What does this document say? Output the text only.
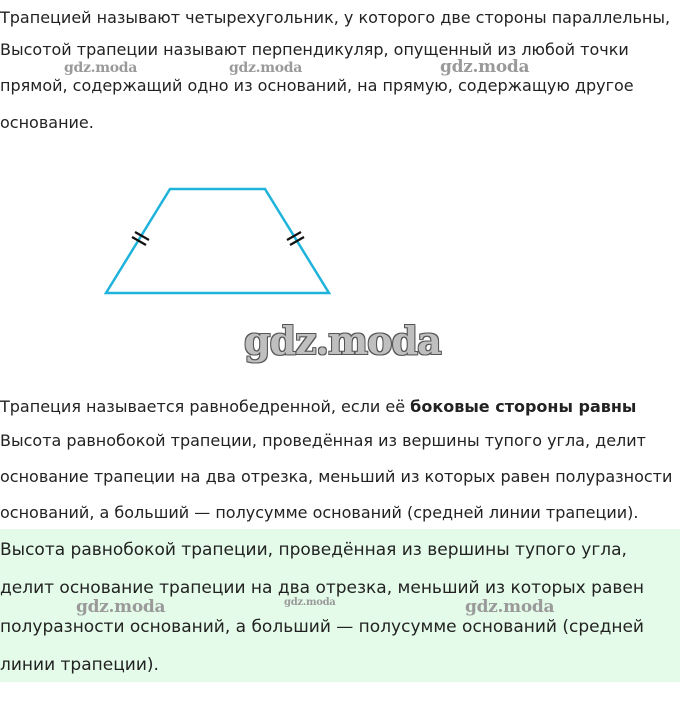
Трапецией называют четырехугольник, у которого две стороны параллельны,

Высотой трапеции называют перпендикуляр, опущенный из любой точки

прямой, содержащий одно из оснований, на прямую, содержащую другое

основание.

gdz.moda	gdz.moda	gdz.moda
gdz.moda

Трапеция называется равнобедренной, если её боковые стороны равны

Высота равнобокой трапеции, проведённая из вершины тупого угла, делит

основание трапеции на два отрезка, меньший из которых равен полуразности

оснований, а больший — полусумме оснований (средней линии трапеции).

Высота равнобокой трапеции, проведённая из вершины тупого угла,

делит основание трапеции на два отрезка, меньший из которых равен

полуразности оснований, а больший — полусумме оснований (средней

линии трапеции).

gdz.moda	gdz.moda	gdz.moda
